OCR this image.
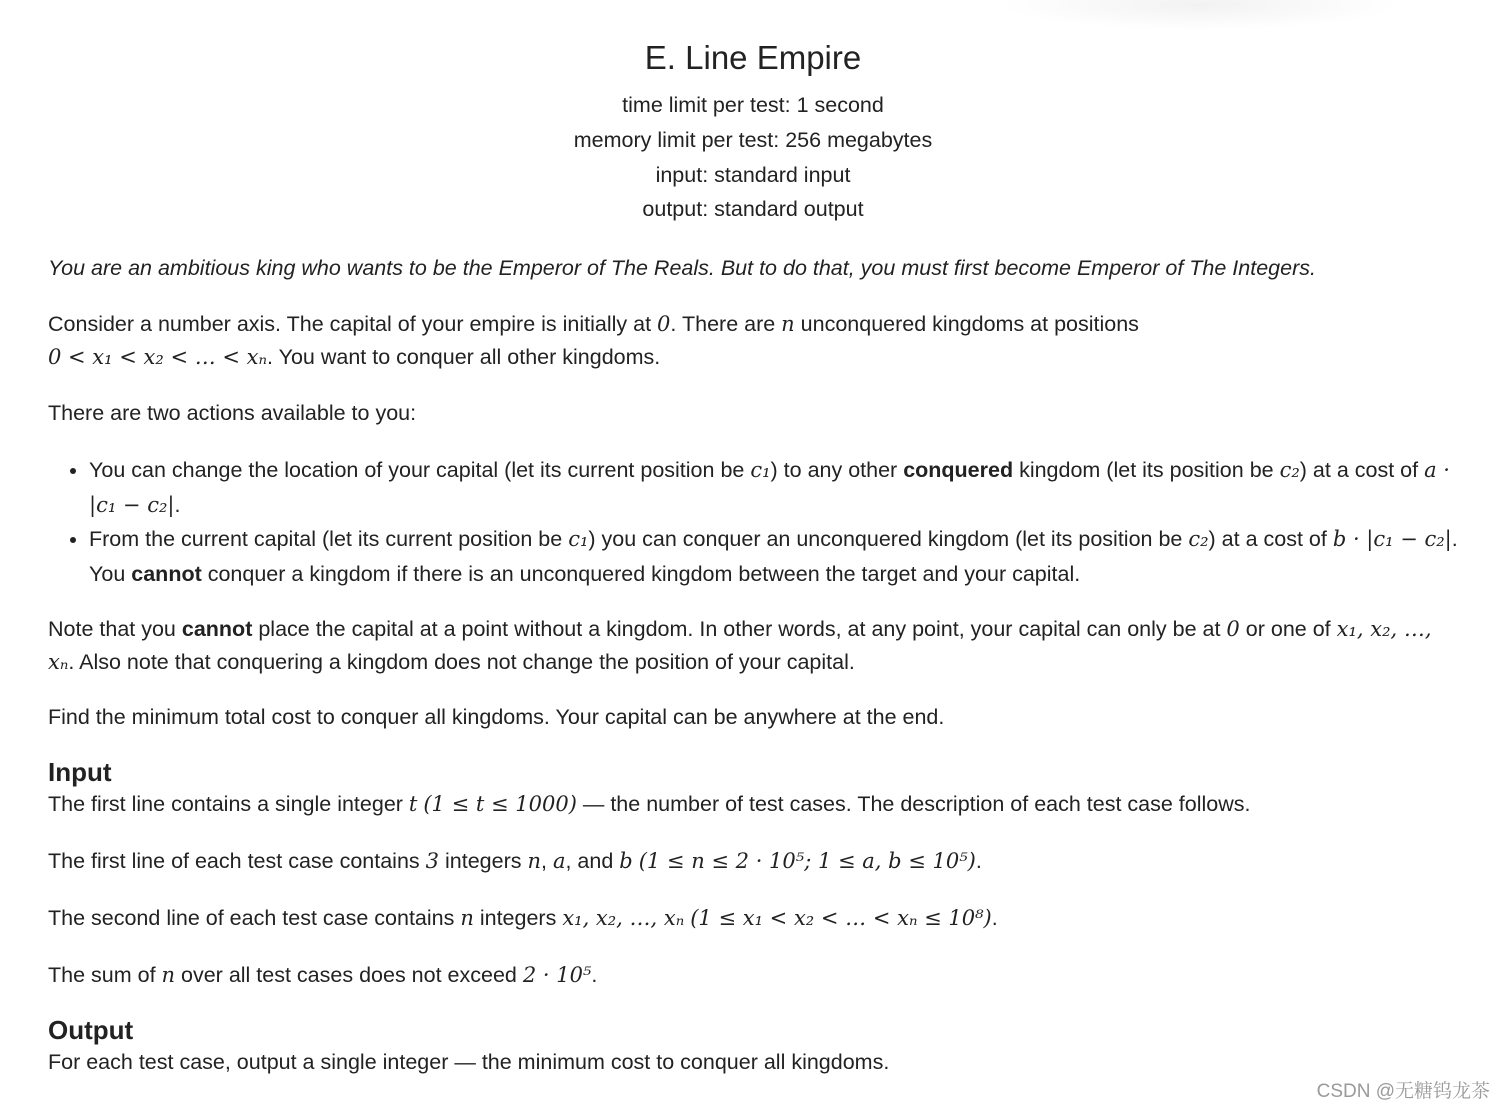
E. Line Empire
time limit per test: 1 second
memory limit per test: 256 megabytes
input: standard input
output: standard output

You are an ambitious king who wants to be the Emperor of The Reals. But to do that, you must first become Emperor of The Integers.

Consider a number axis. The capital of your empire is initially at 0. There are n unconquered kingdoms at positions
0 < x₁ < x₂ < … < xₙ. You want to conquer all other kingdoms.

There are two actions available to you:

• You can change the location of your capital (let its current position be c₁) to any other conquered kingdom (let its position be c₂) at a cost of a · |c₁ − c₂|.
• From the current capital (let its current position be c₁) you can conquer an unconquered kingdom (let its position be c₂) at a cost of b · |c₁ − c₂|. You cannot conquer a kingdom if there is an unconquered kingdom between the target and your capital.

Note that you cannot place the capital at a point without a kingdom. In other words, at any point, your capital can only be at 0 or one of x₁, x₂, …, xₙ. Also note that conquering a kingdom does not change the position of your capital.

Find the minimum total cost to conquer all kingdoms. Your capital can be anywhere at the end.

Input

The first line contains a single integer t (1 ≤ t ≤ 1000) — the number of test cases. The description of each test case follows.

The first line of each test case contains 3 integers n, a, and b (1 ≤ n ≤ 2 · 10⁵; 1 ≤ a, b ≤ 10⁵).

The second line of each test case contains n integers x₁, x₂, …, xₙ (1 ≤ x₁ < x₂ < … < xₙ ≤ 10⁸).

The sum of n over all test cases does not exceed 2 · 10⁵.

Output

For each test case, output a single integer — the minimum cost to conquer all kingdoms.

CSDN @无糖钨龙茶
